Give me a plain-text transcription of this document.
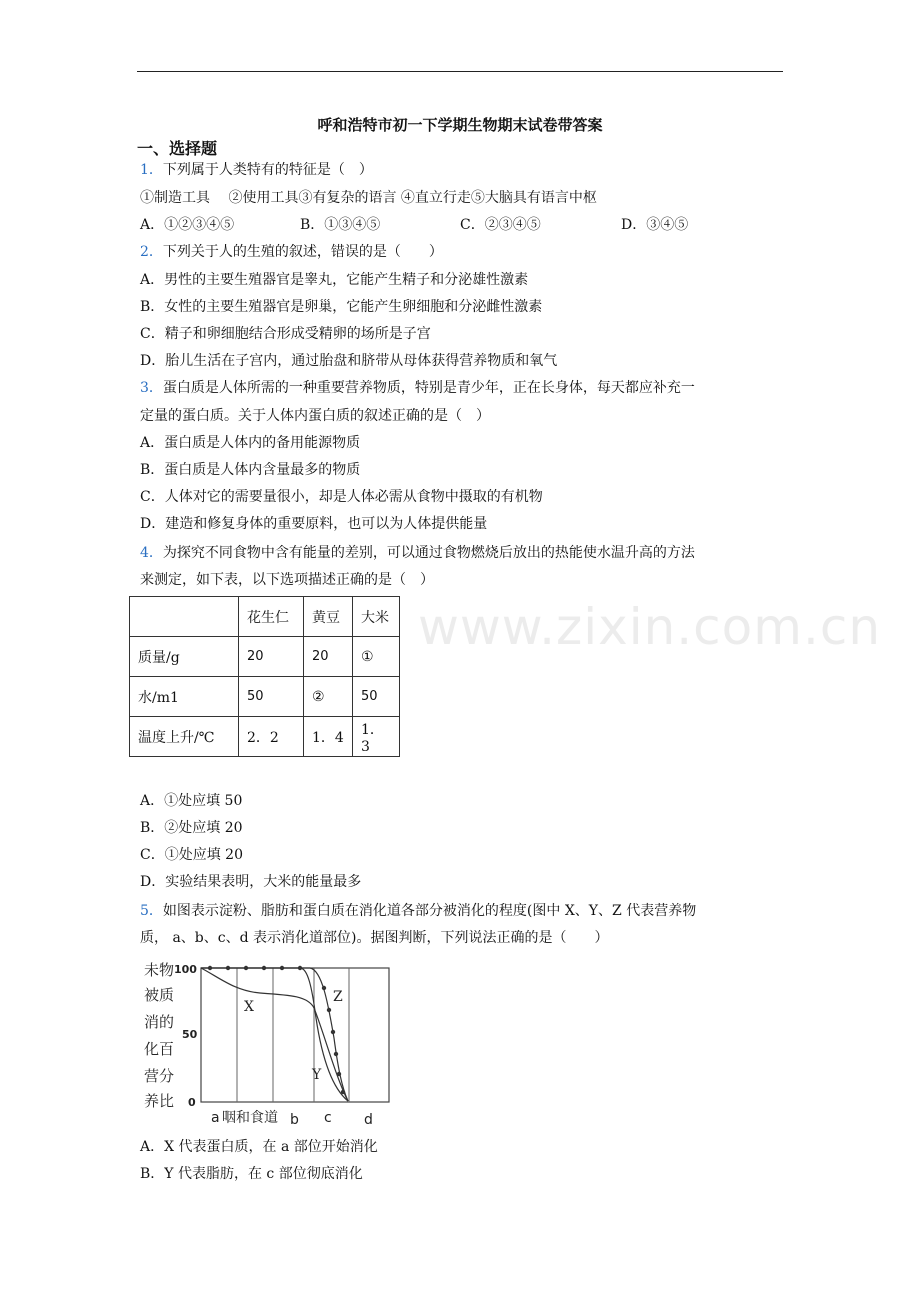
呼和浩特市初一下学期生物期末试卷带答案
一、选择题
1．下列属于人类特有的特征是（　）
①制造工具　 ②使用工具③有复杂的语言 ④直立行走⑤大脑具有语言中枢
A．①②③④⑤	B．①③④⑤	C．②③④⑤	D．③④⑤
2．下列关于人的生殖的叙述，错误的是（　　）
A．男性的主要生殖器官是睾丸，它能产生精子和分泌雄性激素
B．女性的主要生殖器官是卵巢，它能产生卵细胞和分泌雌性激素
C．精子和卵细胞结合形成受精卵的场所是子宫
D．胎儿生活在子宫内，通过胎盘和脐带从母体获得营养物质和氧气
3．蛋白质是人体所需的一种重要营养物质，特别是青少年，正在长身体，每天都应补充一
定量的蛋白质。关于人体内蛋白质的叙述正确的是（　）
A．蛋白质是人体内的备用能源物质
B．蛋白质是人体内含量最多的物质
C．人体对它的需要量很小，却是人体必需从食物中摄取的有机物
D．建造和修复身体的重要原料，也可以为人体提供能量
4．为探究不同食物中含有能量的差别，可以通过食物燃烧后放出的热能使水温升高的方法
来测定，如下表，以下选项描述正确的是（　）
www.zixin.com.cn
	花生仁	黄豆	大米
质量/g	20	20	①
水/m1	50	②	50
温度上升/℃	2．2	1．4	1．3
A．①处应填 50
B．②处应填 20
C．①处应填 20
D．实验结果表明，大米的能量最多
5．如图表示淀粉、脂肪和蛋白质在消化道各部分被消化的程度(图中 X、Y、Z 代表营养物
质， a、b、c、d 表示消化道部位)。据图判断，下列说法正确的是（　　）
未
被
消
化
营
养
物
质
的
百
分
比
100
50
0
X
Y
Z
a 咽和食道 b c d
A．X 代表蛋白质，在 a 部位开始消化
B．Y 代表脂肪，在 c 部位彻底消化
